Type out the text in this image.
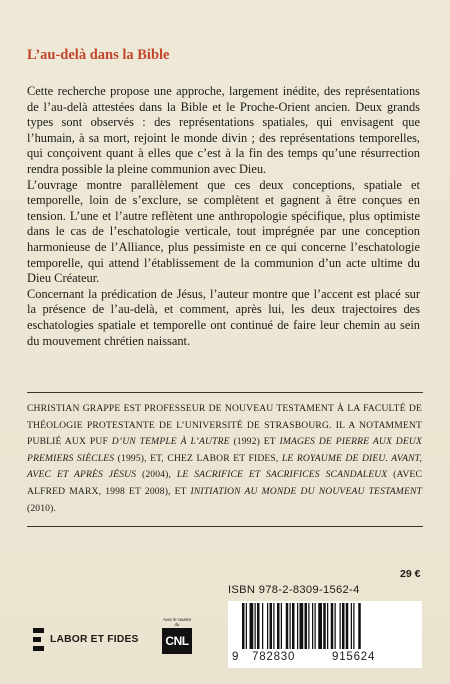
L’au-delà dans la Bible

Cette recherche propose une approche, largement inédite, des représentations de l’au-delà attestées dans la Bible et le Proche-Orient ancien. Deux grands types sont observés : des représentations spatiales, qui envisagent que l’humain, à sa mort, rejoint le monde divin ; des représentations temporelles, qui conçoivent quant à elles que c’est à la fin des temps qu’une résurrection rendra possible la pleine communion avec Dieu.

L’ouvrage montre parallèlement que ces deux conceptions, spatiale et temporelle, loin de s’exclure, se complètent et gagnent à être conçues en tension. L’une et l’autre reflètent une anthropologie spécifique, plus optimiste dans le cas de l’eschatologie verticale, tout imprégnée par une conception harmonieuse de l’Alliance, plus pessimiste en ce qui concerne l’eschatologie temporelle, qui attend l’établissement de la communion d’un acte ultime du Dieu Créateur.

Concernant la prédication de Jésus, l’auteur montre que l’accent est placé sur la présence de l’au-delà, et comment, après lui, les deux trajectoires des eschatologies spatiale et temporelle ont continué de faire leur chemin au sein du mouvement chrétien naissant.

CHRISTIAN GRAPPE EST PROFESSEUR DE NOUVEAU TESTAMENT À LA FACULTÉ DE THÉOLOGIE PROTESTANTE DE L’UNIVERSITÉ DE STRASBOURG. IL A NOTAMMENT PUBLIÉ AUX PUF D’UN TEMPLE À L’AUTRE (1992) ET IMAGES DE PIERRE AUX DEUX PREMIERS SIÈCLES (1995), ET, CHEZ LABOR ET FIDES, LE ROYAUME DE DIEU. AVANT, AVEC ET APRÈS JÉSUS (2004), LE SACRIFICE ET SACRIFICES SCANDALEUX (AVEC ALFRED MARX, 1998 ET 2008), ET INITIATION AU MONDE DU NOUVEAU TESTAMENT (2010).
29 €
ISBN 978-2-8309-1562-4
LABOR ET FIDES
Avec le soutien du
CNL
9 782830	915624
